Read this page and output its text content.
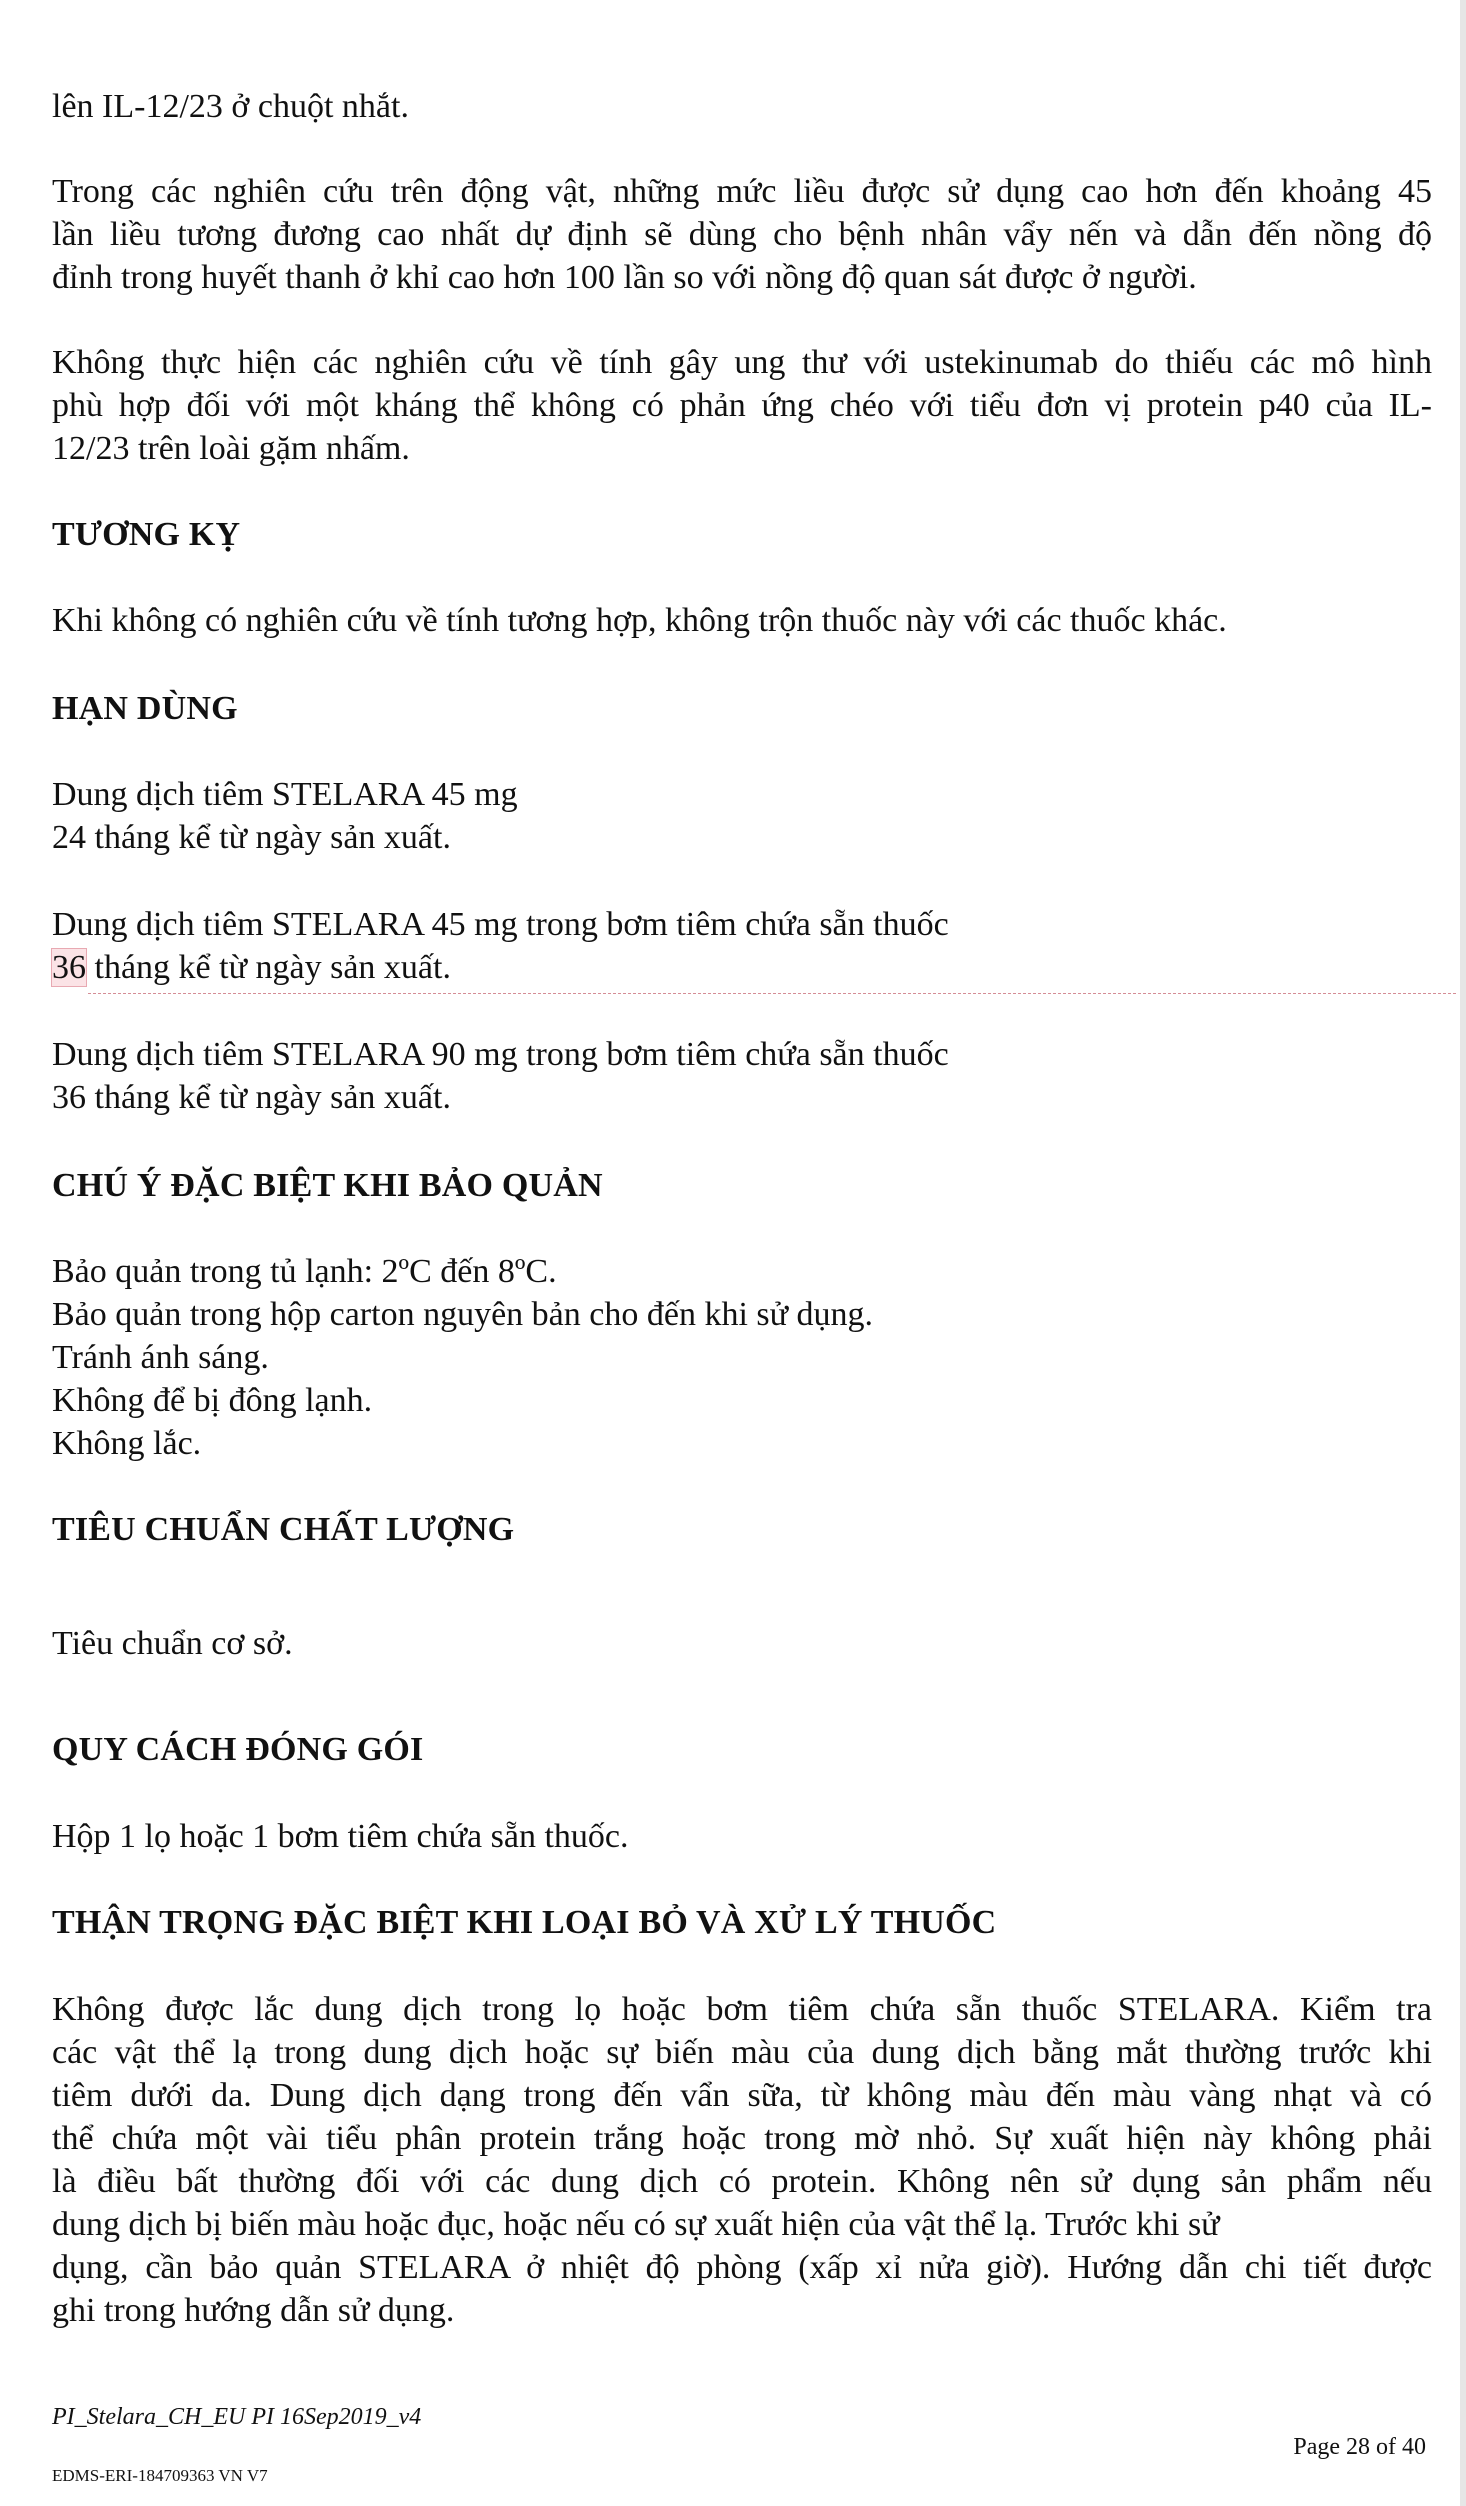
lên IL-12/23 ở chuột nhắt.
Trong các nghiên cứu trên động vật, những mức liều được sử dụng cao hơn đến khoảng 45
lần liều tương đương cao nhất dự định sẽ dùng cho bệnh nhân vẩy nến và dẫn đến nồng độ
đỉnh trong huyết thanh ở khỉ cao hơn 100 lần so với nồng độ quan sát được ở người.
Không thực hiện các nghiên cứu về tính gây ung thư với ustekinumab do thiếu các mô hình
phù hợp đối với một kháng thể không có phản ứng chéo với tiểu đơn vị protein p40 của IL-
12/23 trên loài gặm nhấm.
TƯƠNG KỴ
Khi không có nghiên cứu về tính tương hợp, không trộn thuốc này với các thuốc khác.
HẠN DÙNG
Dung dịch tiêm STELARA 45 mg
24 tháng kể từ ngày sản xuất.
Dung dịch tiêm STELARA 45 mg trong bơm tiêm chứa sẵn thuốc
36 tháng kể từ ngày sản xuất.
Dung dịch tiêm STELARA 90 mg trong bơm tiêm chứa sẵn thuốc
36 tháng kể từ ngày sản xuất.
CHÚ Ý ĐẶC BIỆT KHI BẢO QUẢN
Bảo quản trong tủ lạnh: 2ºC đến 8ºC.
Bảo quản trong hộp carton nguyên bản cho đến khi sử dụng.
Tránh ánh sáng.
Không để bị đông lạnh.
Không lắc.
TIÊU CHUẨN CHẤT LƯỢNG
Tiêu chuẩn cơ sở.
QUY CÁCH ĐÓNG GÓI
Hộp 1 lọ hoặc 1 bơm tiêm chứa sẵn thuốc.
THẬN TRỌNG ĐẶC BIỆT KHI LOẠI BỎ VÀ XỬ LÝ THUỐC
Không được lắc dung dịch trong lọ hoặc bơm tiêm chứa sẵn thuốc STELARA. Kiểm tra
các vật thể lạ trong dung dịch hoặc sự biến màu của dung dịch bằng mắt thường trước khi
tiêm dưới da. Dung dịch dạng trong đến vẩn sữa, từ không màu đến màu vàng nhạt và có
thể chứa một vài tiểu phân protein trắng hoặc trong mờ nhỏ. Sự xuất hiện này không phải
là điều bất thường đối với các dung dịch có protein. Không nên sử dụng sản phẩm nếu
dung dịch bị biến màu hoặc đục, hoặc nếu có sự xuất hiện của vật thể lạ. Trước khi sử
dụng, cần bảo quản STELARA ở nhiệt độ phòng (xấp xỉ nửa giờ). Hướng dẫn chi tiết được
ghi trong hướng dẫn sử dụng.
PI_Stelara_CH_EU PI 16Sep2019_v4
Page 28 of 40
EDMS-ERI-184709363 VN V7
